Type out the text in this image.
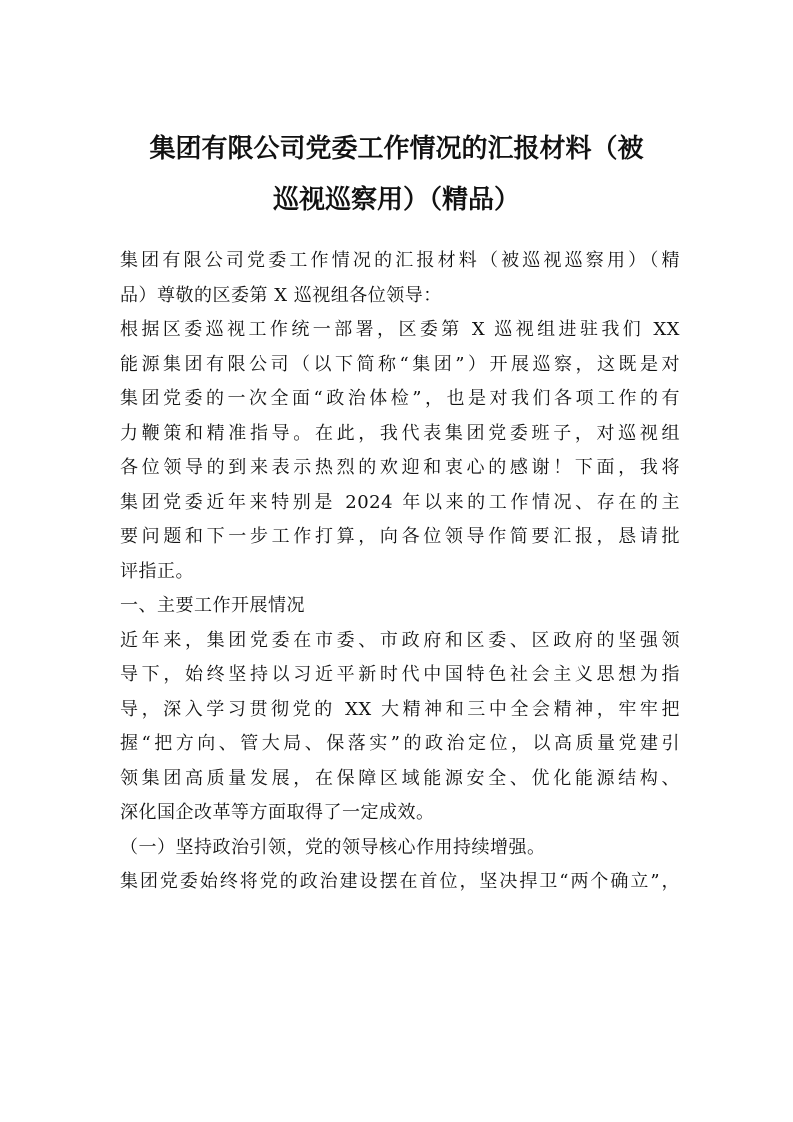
集团有限公司党委工作情况的汇报材料（被
巡视巡察用）（精品）
集团有限公司党委工作情况的汇报材料（被巡视巡察用）（精
品）尊敬的区委第 X 巡视组各位领导：
根据区委巡视工作统一部署，区委第 X 巡视组进驻我们 XX
能源集团有限公司（以下简称“集团”）开展巡察，这既是对
集团党委的一次全面“政治体检”，也是对我们各项工作的有
力鞭策和精准指导。在此，我代表集团党委班子，对巡视组
各位领导的到来表示热烈的欢迎和衷心的感谢！下面，我将
集团党委近年来特别是 2024 年以来的工作情况、存在的主
要问题和下一步工作打算，向各位领导作简要汇报，恳请批
评指正。
一、主要工作开展情况
近年来，集团党委在市委、市政府和区委、区政府的坚强领
导下，始终坚持以习近平新时代中国特色社会主义思想为指
导，深入学习贯彻党的 XX 大精神和三中全会精神，牢牢把
握“把方向、管大局、保落实”的政治定位，以高质量党建引
领集团高质量发展，在保障区域能源安全、优化能源结构、
深化国企改革等方面取得了一定成效。
（一）坚持政治引领，党的领导核心作用持续增强。
集团党委始终将党的政治建设摆在首位，坚决捍卫“两个确立”，
